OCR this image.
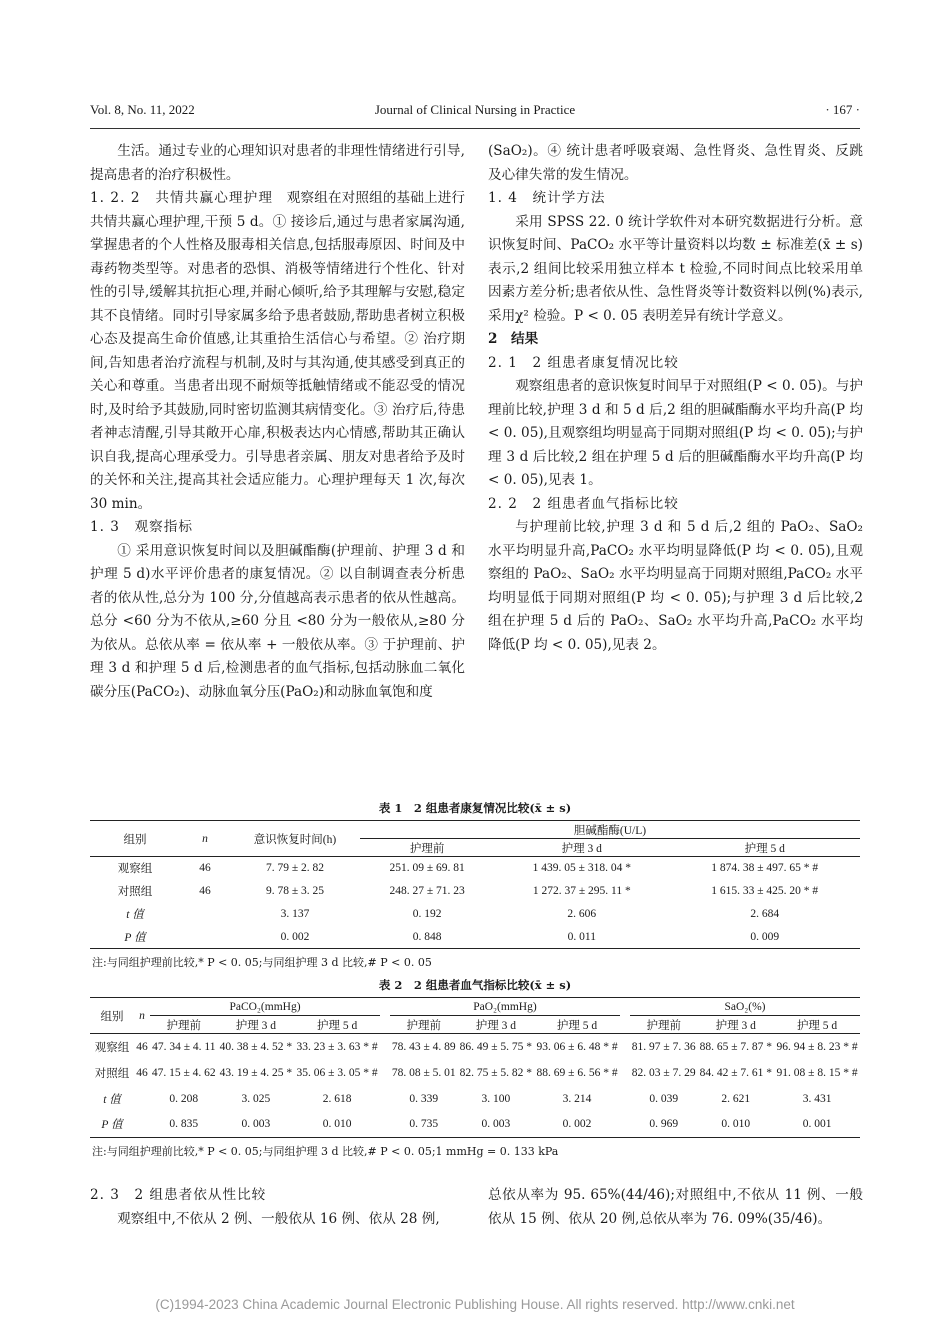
Vol. 8, No. 11, 2022	Journal of Clinical Nursing in Practice	· 167 ·

生活。通过专业的心理知识对患者的非理性情绪进行引导,提高患者的治疗积极性。

1. 2. 2　共情共赢心理护理　 观察组在对照组的基础上进行共情共赢心理护理,干预 5 d。① 接诊后,通过与患者家属沟通,掌握患者的个人性格及服毒相关信息,包括服毒原因、时间及中毒药物类型等。对患者的恐惧、消极等情绪进行个性化、针对性的引导,缓解其抗拒心理,并耐心倾听,给予其理解与安慰,稳定其不良情绪。同时引导家属多给予患者鼓励,帮助患者树立积极心态及提高生命价值感,让其重拾生活信心与希望。② 治疗期间,告知患者治疗流程与机制,及时与其沟通,使其感受到真正的关心和尊重。当患者出现不耐烦等抵触情绪或不能忍受的情况时,及时给予其鼓励,同时密切监测其病情变化。③ 治疗后,待患者神志清醒,引导其敞开心扉,积极表达内心情感,帮助其正确认识自我,提高心理承受力。引导患者亲属、朋友对患者给予及时的关怀和关注,提高其社会适应能力。心理护理每天 1 次,每次 30 min。

1. 3　观察指标

① 采用意识恢复时间以及胆碱酯酶(护理前、护理 3 d 和护理 5 d)水平评价患者的康复情况。② 以自制调查表分析患者的依从性,总分为 100 分,分值越高表示患者的依从性越高。总分 <60 分为不依从,≥60 分且 <80 分为一般依从,≥80 分为依从。总依从率 = 依从率 + 一般依从率。③ 于护理前、护理 3 d 和护理 5 d 后,检测患者的血气指标,包括动脉血二氧化碳分压(PaCO₂)、动脉血氧分压(PaO₂)和动脉血氧饱和度

(SaO₂)。④ 统计患者呼吸衰竭、急性肾炎、急性胃炎、反跳及心律失常的发生情况。

1. 4　统计学方法

采用 SPSS 22. 0 统计学软件对本研究数据进行分析。意识恢复时间、PaCO₂ 水平等计量资料以均数 ± 标准差(x̄ ± s)表示,2 组间比较采用独立样本 t 检验,不同时间点比较采用单因素方差分析;患者依从性、急性肾炎等计数资料以例(%)表示,采用χ² 检验。P < 0. 05 表明差异有统计学意义。

2　结果

2. 1　2 组患者康复情况比较

观察组患者的意识恢复时间早于对照组(P < 0. 05)。与护理前比较,护理 3 d 和 5 d 后,2 组的胆碱酯酶水平均升高(P 均 < 0. 05),且观察组均明显高于同期对照组(P 均 < 0. 05);与护理 3 d 后比较,2 组在护理 5 d 后的胆碱酯酶水平均升高(P 均 < 0. 05),见表 1。

2. 2　2 组患者血气指标比较

与护理前比较,护理 3 d 和 5 d 后,2 组的 PaO₂、SaO₂ 水平均明显升高,PaCO₂ 水平均明显降低(P 均 < 0. 05),且观察组的 PaO₂、SaO₂ 水平均明显高于同期对照组,PaCO₂ 水平均明显低于同期对照组(P 均 < 0. 05);与护理 3 d 后比较,2 组在护理 5 d 后的 PaO₂、SaO₂ 水平均升高,PaCO₂ 水平均降低(P 均 < 0. 05),见表 2。

表 1　2 组患者康复情况比较(x̄ ± s)
组别	n	意识恢复时间(h)	胆碱酯酶(U/L)		
			护理前	护理 3 d	护理 5 d
观察组	46	7. 79 ± 2. 82	251. 09 ± 69. 81	1 439. 05 ± 318. 04 *	1 874. 38 ± 497. 65 * #
对照组	46	9. 78 ± 3. 25	248. 27 ± 71. 23	1 272. 37 ± 295. 11 *	1 615. 33 ± 425. 20 * #
t 值		3. 137	0. 192	2. 606	2. 684
P 值		0. 002	0. 848	0. 011	0. 009
注:与同组护理前比较,* P < 0. 05;与同组护理 3 d 比较,# P < 0. 05
表 2　2 组患者血气指标比较(x̄ ± s)
组别	n	PaCO₂(mmHg)				PaO₂(mmHg)				SaO₂(%)		
		护理前	护理 3 d	护理 5 d		护理前	护理 3 d	护理 5 d		护理前	护理 3 d	护理 5 d
观察组	46	47. 34 ± 4. 11	40. 38 ± 4. 52 *	33. 23 ± 3. 63 * #		78. 43 ± 4. 89	86. 49 ± 5. 75 *	93. 06 ± 6. 48 * #		81. 97 ± 7. 36	88. 65 ± 7. 87 *	96. 94 ± 8. 23 * #
对照组	46	47. 15 ± 4. 62	43. 19 ± 4. 25 *	35. 06 ± 3. 05 * #		78. 08 ± 5. 01	82. 75 ± 5. 82 *	88. 69 ± 6. 56 * #		82. 03 ± 7. 29	84. 42 ± 7. 61 *	91. 08 ± 8. 15 * #
t 值		0. 208	3. 025	2. 618		0. 339	3. 100	3. 214		0. 039	2. 621	3. 431
P 值		0. 835	0. 003	0. 010		0. 735	0. 003	0. 002		0. 969	0. 010	0. 001
注:与同组护理前比较,* P < 0. 05;与同组护理 3 d 比较,# P < 0. 05;1 mmHg = 0. 133 kPa

2. 3　2 组患者依从性比较

观察组中,不依从 2 例、一般依从 16 例、依从 28 例,

总依从率为 95. 65%(44/46);对照组中,不依从 11 例、一般依从 15 例、依从 20 例,总依从率为 76. 09%(35/46)。

(C)1994-2023 China Academic Journal Electronic Publishing House. All rights reserved. http://www.cnki.net
